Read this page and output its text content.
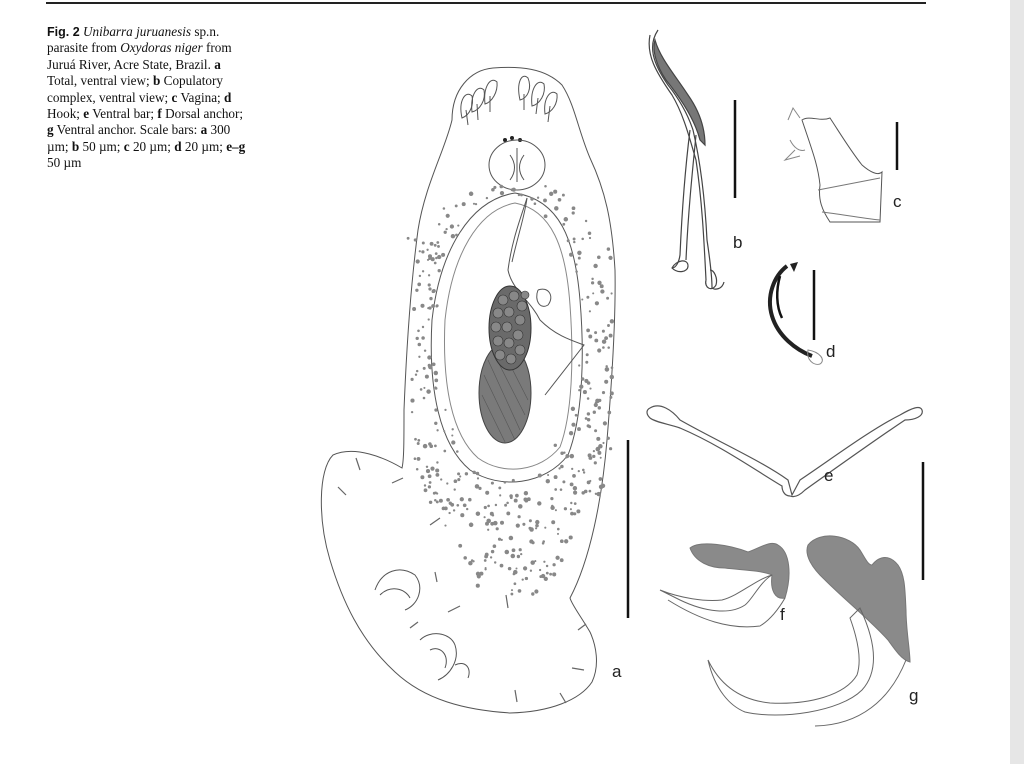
Fig. 2 Unibarra juruanesis sp.n. parasite from Oxydoras niger from Juruá River, Acre State, Brazil. a Total, ventral view; b Copulatory complex, ventral view; c Vagina; d Hook; e Ventral bar; f Dorsal anchor; g Ventral anchor. Scale bars: a 300 µm; b 50 µm; c 20 µm; d 20 µm; e–g 50 µm
a
b
c
d
e
f
g
